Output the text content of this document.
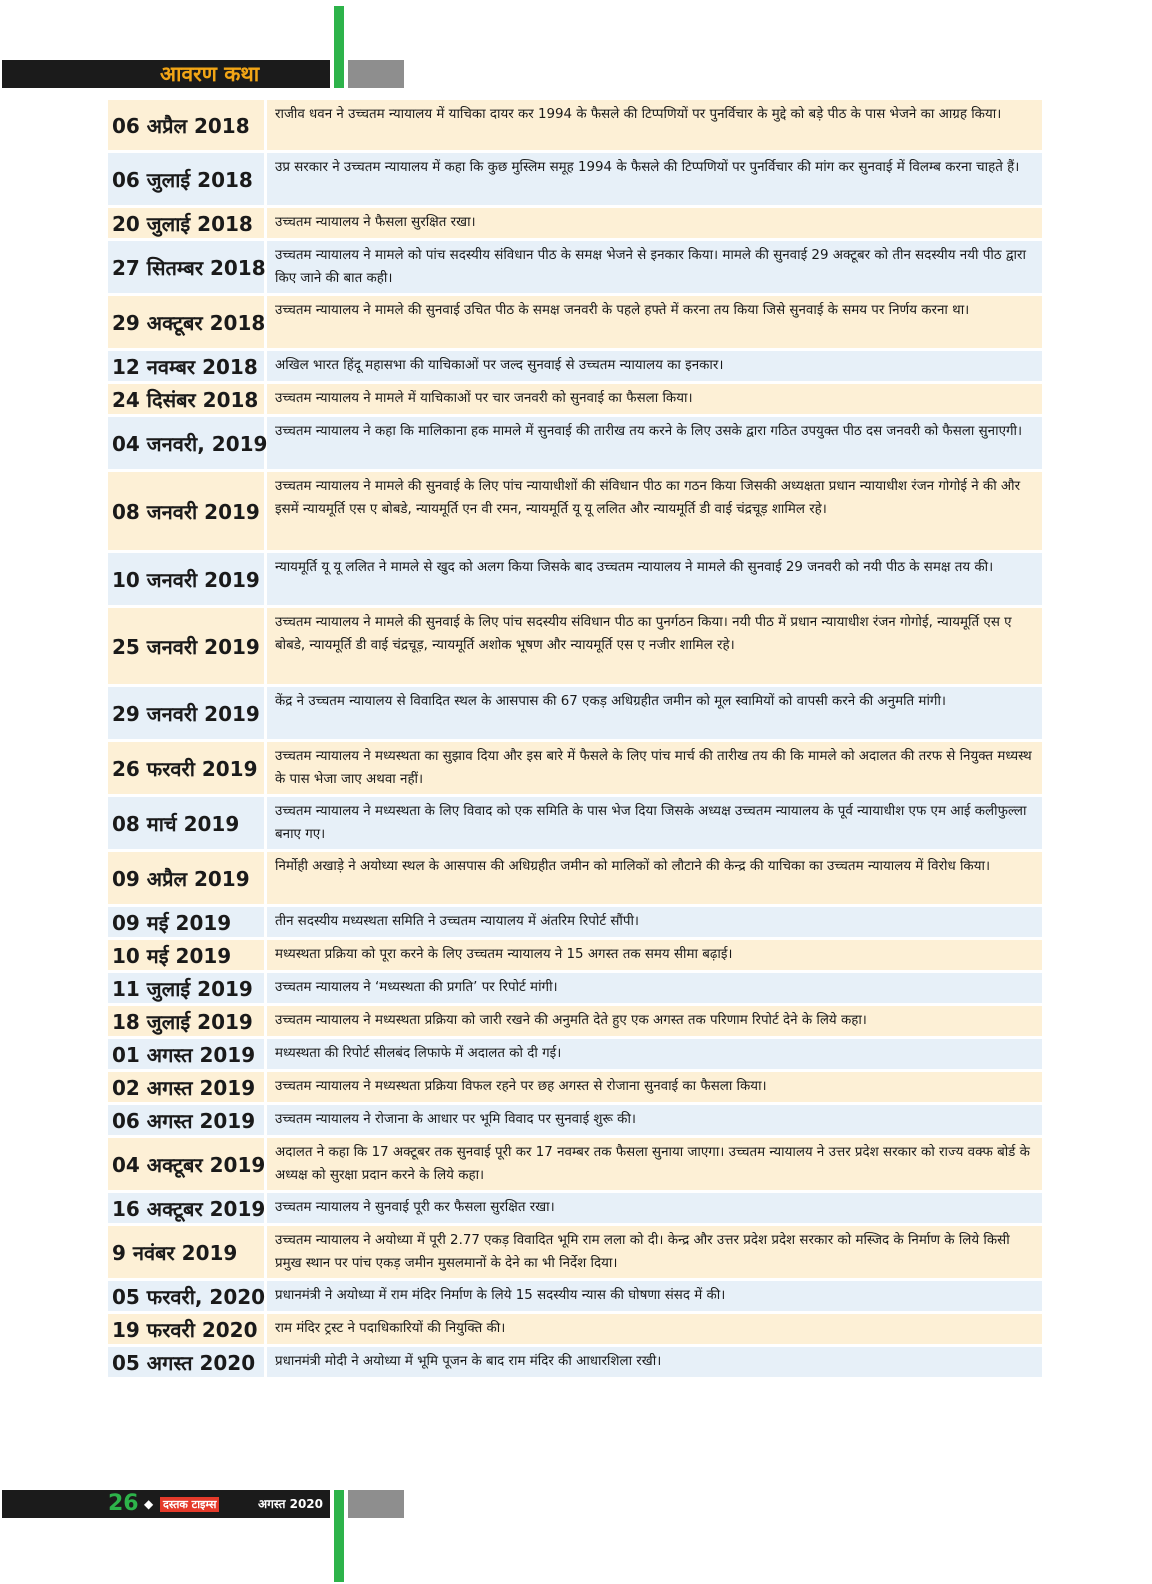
आवरण कथा
06 अप्रैल 2018	राजीव धवन ने उच्चतम न्यायालय में याचिका दायर कर 1994 के फैसले की टिप्पणियों पर पुनर्विचार के मुद्दे को बड़े पीठ के पास भेजने का आग्रह किया।
06 जुलाई 2018	उप्र सरकार ने उच्चतम न्यायालय में कहा कि कुछ मुस्लिम समूह 1994 के फैसले की टिप्पणियों पर पुनर्विचार की मांग कर सुनवाई में विलम्ब करना चाहते हैं।
20 जुलाई 2018	उच्चतम न्यायालय ने फैसला सुरक्षित रखा।
27 सितम्बर 2018 उच्चतम न्यायालय ने मामले को पांच सदस्यीय संविधान पीठ के समक्ष भेजने से इनकार किया। मामले की सुनवाई 29 अक्टूबर को तीन सदस्यीय नयी पीठ द्वारा किए जाने की बात कही।
29 अक्टूबर 2018 उच्चतम न्यायालय ने मामले की सुनवाई उचित पीठ के समक्ष जनवरी के पहले हफ्ते में करना तय किया जिसे सुनवाई के समय पर निर्णय करना था।
12 नवम्बर 2018	अखिल भारत हिंदू महासभा की याचिकाओं पर जल्द सुनवाई से उच्चतम न्यायालय का इनकार।
24 दिसंबर 2018	उच्चतम न्यायालय ने मामले में याचिकाओं पर चार जनवरी को सुनवाई का फैसला किया।
04 जनवरी, 2019 उच्चतम न्यायालय ने कहा कि मालिकाना हक मामले में सुनवाई की तारीख तय करने के लिए उसके द्वारा गठित उपयुक्त पीठ दस जनवरी को फैसला सुनाएगी।
08 जनवरी 2019
उच्चतम न्यायालय ने मामले की सुनवाई के लिए पांच न्यायाधीशों की संविधान पीठ का गठन किया जिसकी अध्यक्षता प्रधान न्यायाधीश रंजन गोगोई ने की और इसमें न्यायमूर्ति एस ए बोबडे, न्यायमूर्ति एन वी रमन, न्यायमूर्ति यू यू ललित और न्यायमूर्ति डी वाई चंद्रचूड़ शामिल रहे।
10 जनवरी 2019	न्यायमूर्ति यू यू ललित ने मामले से खुद को अलग किया जिसके बाद उच्चतम न्यायालय ने मामले की सुनवाई 29 जनवरी को नयी पीठ के समक्ष तय की।
25 जनवरी 2019
उच्चतम न्यायालय ने मामले की सुनवाई के लिए पांच सदस्यीय संविधान पीठ का पुनर्गठन किया। नयी पीठ में प्रधान न्यायाधीश रंजन गोगोई, न्यायमूर्ति एस ए बोबडे, न्यायमूर्ति डी वाई चंद्रचूड़, न्यायमूर्ति अशोक भूषण और न्यायमूर्ति एस ए नजीर शामिल रहे।
29 जनवरी 2019	केंद्र ने उच्चतम न्यायालय से विवादित स्थल के आसपास की 67 एकड़ अधिग्रहीत जमीन को मूल स्वामियों को वापसी करने की अनुमति मांगी।
26 फरवरी 2019	उच्चतम न्यायालय ने मध्यस्थता का सुझाव दिया और इस बारे में फैसले के लिए पांच मार्च की तारीख तय की कि मामले को अदालत की तरफ से नियुक्त मध्यस्थ के पास भेजा जाए अथवा नहीं।
08 मार्च 2019	उच्चतम न्यायालय ने मध्यस्थता के लिए विवाद को एक समिति के पास भेज दिया जिसके अध्यक्ष उच्चतम न्यायालय के पूर्व न्यायाधीश एफ एम आई कलीफुल्ला बनाए गए।
09 अप्रैल 2019	निर्मोही अखाड़े ने अयोध्या स्थल के आसपास की अधिग्रहीत जमीन को मालिकों को लौटाने की केन्द्र की याचिका का उच्चतम न्यायालय में विरोध किया।
09 मई 2019	तीन सदस्यीय मध्यस्थता समिति ने उच्चतम न्यायालय में अंतरिम रिपोर्ट सौंपी।
10 मई 2019	मध्यस्थता प्रक्रिया को पूरा करने के लिए उच्चतम न्यायालय ने 15 अगस्त तक समय सीमा बढ़ाई।
11 जुलाई 2019	उच्चतम न्यायालय ने ‘मध्यस्थता की प्रगति’ पर रिपोर्ट मांगी।
18 जुलाई 2019	उच्चतम न्यायालय ने मध्यस्थता प्रक्रिया को जारी रखने की अनुमति देते हुए एक अगस्त तक परिणाम रिपोर्ट देने के लिये कहा।
01 अगस्त 2019	मध्यस्थता की रिपोर्ट सीलबंद लिफाफे में अदालत को दी गई।
02 अगस्त 2019	उच्चतम न्यायालय ने मध्यस्थता प्रक्रिया विफल रहने पर छह अगस्त से रोजाना सुनवाई का फैसला किया।
06 अगस्त 2019	उच्चतम न्यायालय ने रोजाना के आधार पर भूमि विवाद पर सुनवाई शुरू की।
04 अक्टूबर 2019 अदालत ने कहा कि 17 अक्टूबर तक सुनवाई पूरी कर 17 नवम्बर तक फैसला सुनाया जाएगा। उच्चतम न्यायालय ने उत्तर प्रदेश सरकार को राज्य वक्फ बोर्ड के अध्यक्ष को सुरक्षा प्रदान करने के लिये कहा।
16 अक्टूबर 2019 उच्चतम न्यायालय ने सुनवाई पूरी कर फैसला सुरक्षित रखा।
9 नवंबर 2019	उच्चतम न्यायालय ने अयोध्या में पूरी 2.77 एकड़ विवादित भूमि राम लला को दी। केन्द्र और उत्तर प्रदेश प्रदेश सरकार को मस्जिद के निर्माण के लिये किसी प्रमुख स्थान पर पांच एकड़ जमीन मुसलमानों के देने का भी निर्देश दिया।
05 फरवरी, 2020 प्रधानमंत्री ने अयोध्या में राम मंदिर निर्माण के लिये 15 सदस्यीय न्यास की घोषणा संसद में की।
19 फरवरी 2020	राम मंदिर ट्रस्ट ने पदाधिकारियों की नियुक्ति की।
05 अगस्त 2020	प्रधानमंत्री मोदी ने अयोध्या में भूमि पूजन के बाद राम मंदिर की आधारशिला रखी।
26 ◆ दस्तक टाइम्स	अगस्त 2020
